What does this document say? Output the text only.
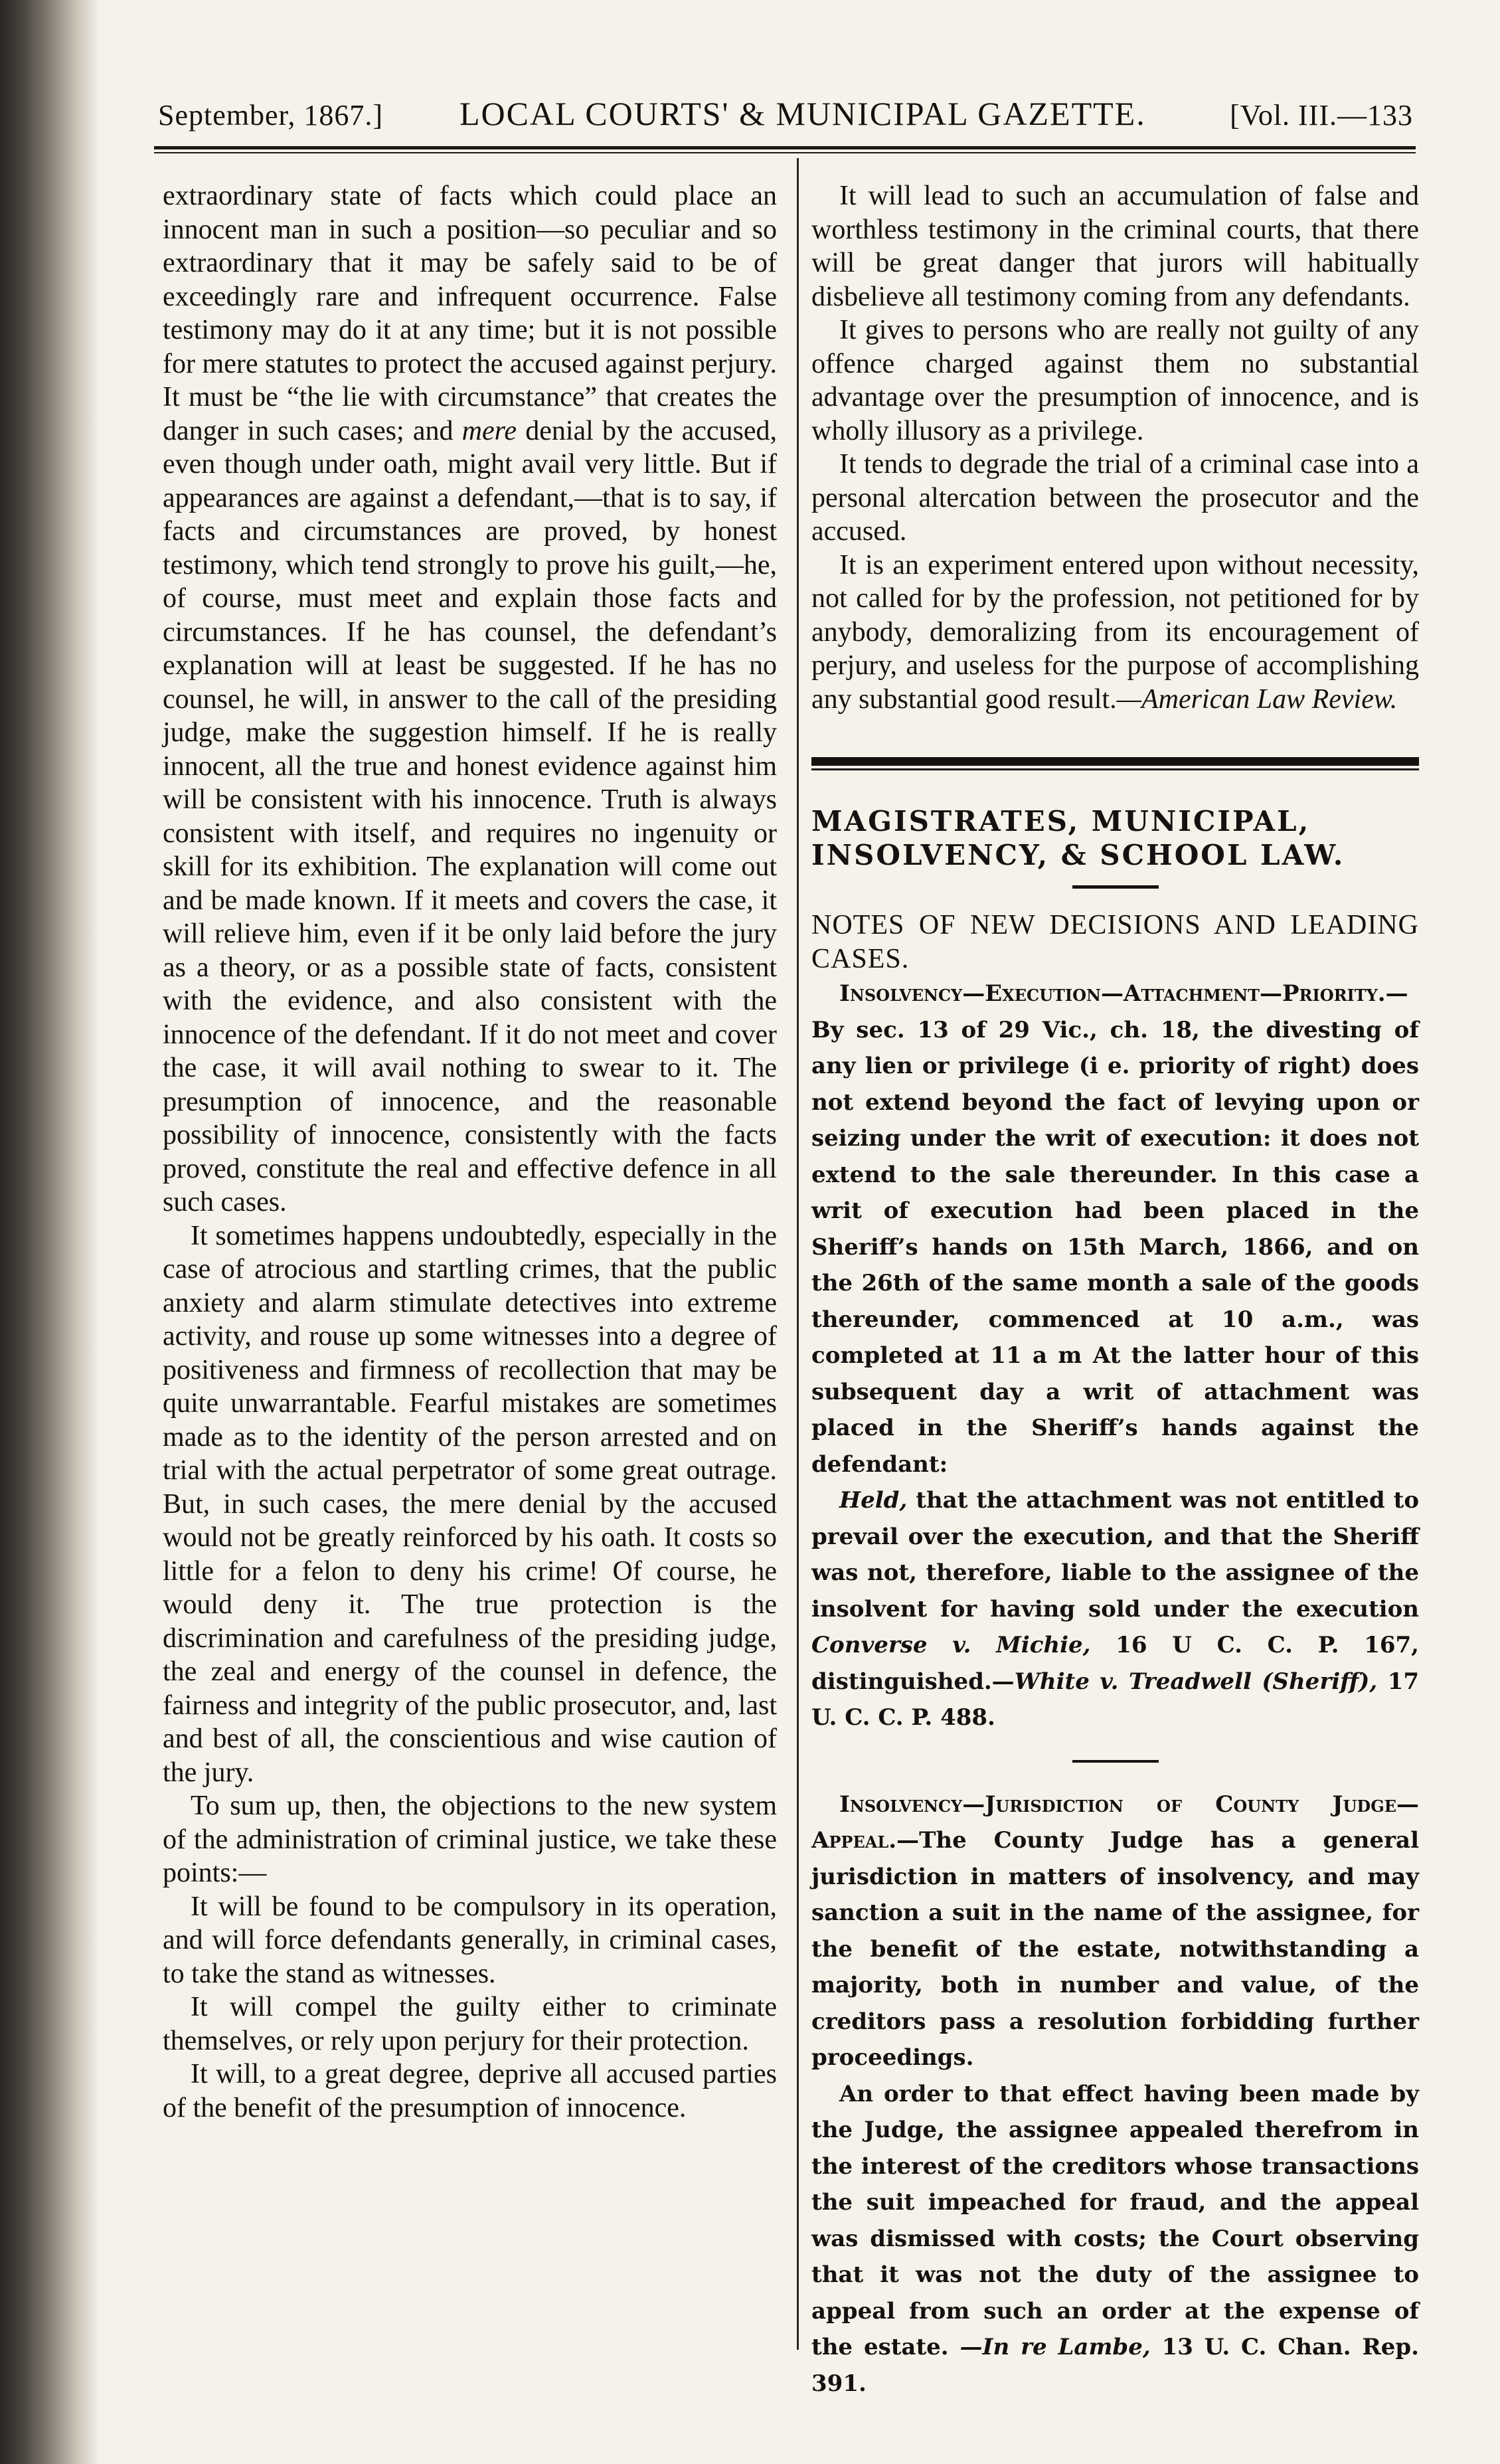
September, 1867.] LOCAL COURTS' & MUNICIPAL GAZETTE.	[Vol. III.—133

extraordinary state of facts which could place an innocent man in such a position—so peculiar and so extraordinary that it may be safely said to be of exceedingly rare and infrequent occurrence. False testimony may do it at any time; but it is not possible for mere statutes to protect the accused against perjury. It must be “the lie with circumstance” that creates the danger in such cases; and mere denial by the accused, even though under oath, might avail very little. But if appearances are against a defendant,—that is to say, if facts and circumstances are proved, by honest testimony, which tend strongly to prove his guilt,—he, of course, must meet and explain those facts and circumstances. If he has counsel, the defendant’s explanation will at least be suggested. If he has no counsel, he will, in answer to the call of the presiding judge, make the suggestion himself. If he is really innocent, all the true and honest evidence against him will be consistent with his innocence. Truth is always consistent with itself, and requires no ingenuity or skill for its exhibition. The explanation will come out and be made known. If it meets and covers the case, it will relieve him, even if it be only laid before the jury as a theory, or as a possible state of facts, consistent with the evidence, and also consistent with the innocence of the defendant. If it do not meet and cover the case, it will avail nothing to swear to it. The presumption of innocence, and the reasonable possibility of innocence, consistently with the facts proved, constitute the real and effective defence in all such cases.

It sometimes happens undoubtedly, especially in the case of atrocious and startling crimes, that the public anxiety and alarm stimulate detectives into extreme activity, and rouse up some witnesses into a degree of positiveness and firmness of recollection that may be quite unwarrantable. Fearful mistakes are sometimes made as to the identity of the person arrested and on trial with the actual perpetrator of some great outrage. But, in such cases, the mere denial by the accused would not be greatly reinforced by his oath. It costs so little for a felon to deny his crime! Of course, he would deny it. The true protection is the discrimination and carefulness of the presiding judge, the zeal and energy of the counsel in defence, the fairness and integrity of the public prosecutor, and, last and best of all, the conscientious and wise caution of the jury.

To sum up, then, the objections to the new system of the administration of criminal justice, we take these points:—

It will be found to be compulsory in its operation, and will force defendants generally, in criminal cases, to take the stand as witnesses.

It will compel the guilty either to criminate themselves, or rely upon perjury for their protection.

It will, to a great degree, deprive all accused parties of the benefit of the presumption of innocence.

It will lead to such an accumulation of false and worthless testimony in the criminal courts, that there will be great danger that jurors will habitually disbelieve all testimony coming from any defendants.

It gives to persons who are really not guilty of any offence charged against them no substantial advantage over the presumption of innocence, and is wholly illusory as a privilege.

It tends to degrade the trial of a criminal case into a personal altercation between the prosecutor and the accused.

It is an experiment entered upon without necessity, not called for by the profession, not petitioned for by anybody, demoralizing from its encouragement of perjury, and useless for the purpose of accomplishing any substantial good result.—American Law Review.

MAGISTRATES, MUNICIPAL,

INSOLVENCY, & SCHOOL LAW.

NOTES OF NEW DECISIONS AND LEADING CASES.

Insolvency—Execution—Attachment—Priority.—By sec. 13 of 29 Vic., ch. 18, the divesting of any lien or privilege (i e. priority of right) does not extend beyond the fact of levying upon or seizing under the writ of execution: it does not extend to the sale thereunder. In this case a writ of execution had been placed in the Sheriff’s hands on 15th March, 1866, and on the 26th of the same month a sale of the goods thereunder, commenced at 10 a.m., was completed at 11 a m At the latter hour of this subsequent day a writ of attachment was placed in the Sheriff’s hands against the defendant:

Held, that the attachment was not entitled to prevail over the execution, and that the Sheriff was not, therefore, liable to the assignee of the insolvent for having sold under the execution Converse v. Michie, 16 U C. C. P. 167, distinguished.—White v. Treadwell (Sheriff), 17 U. C. C. P. 488.

Insolvency—Jurisdiction of County Judge—Appeal.—The County Judge has a general jurisdiction in matters of insolvency, and may sanction a suit in the name of the assignee, for the benefit of the estate, notwithstanding a majority, both in number and value, of the creditors pass a resolution forbidding further proceedings.

An order to that effect having been made by the Judge, the assignee appealed therefrom in the interest of the creditors whose transactions the suit impeached for fraud, and the appeal was dismissed with costs; the Court observing that it was not the duty of the assignee to appeal from such an order at the expense of the estate. —In re Lambe, 13 U. C. Chan. Rep. 391.
